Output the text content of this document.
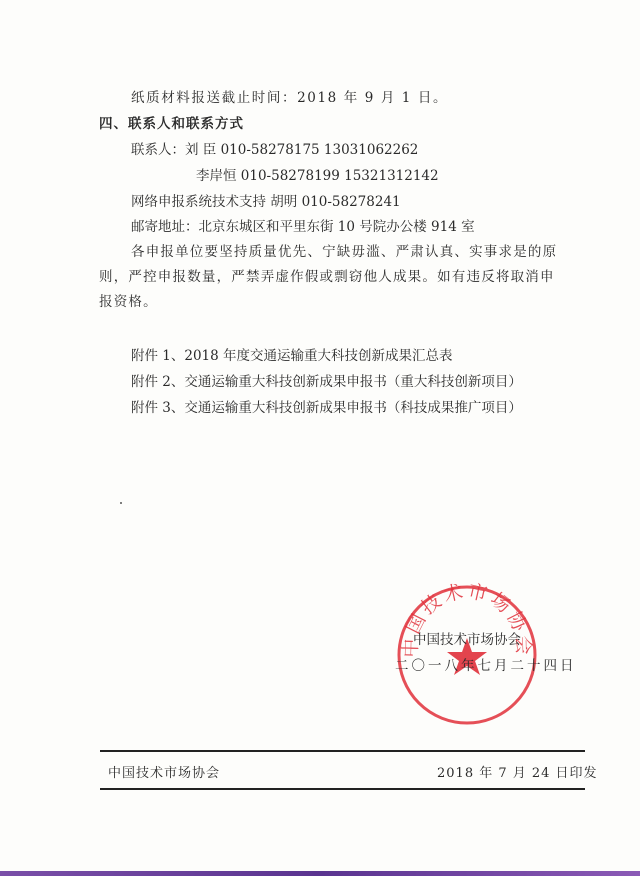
纸质材料报送截止时间：2018 年 9 月 1 日。
四、联系人和联系方式
联系人：刘 臣 010-58278175 13031062262
李岸恒 010-58278199 15321312142
网络申报系统技术支持 胡明 010-58278241
邮寄地址：北京东城区和平里东街 10 号院办公楼 914 室
各申报单位要坚持质量优先、宁缺毋滥、严肃认真、实事求是的原则，严控申报数量，严禁弄虚作假或剽窃他人成果。如有违反将取消申报资格。
附件 1、2018 年度交通运输重大科技创新成果汇总表
附件 2、交通运输重大科技创新成果申报书（重大科技创新项目）
附件 3、交通运输重大科技创新成果申报书（科技成果推广项目）
中国技术市场协会
中国技术市场协会
二〇一八年七月二十四日
中国技术市场协会	2018 年 7 月 24 日印发
